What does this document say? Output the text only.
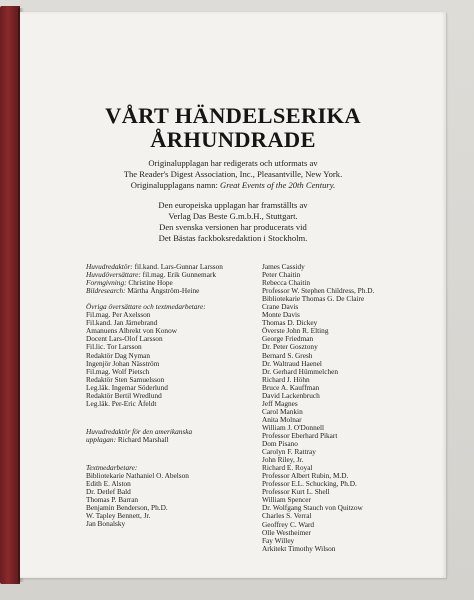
VÅRT HÄNDELSERIKA
ÅRHUNDRADE

Originalupplagan har redigerats och utformats av

The Reader's Digest Association, Inc., Pleasantville, New York.

Originalupplagans namn: Great Events of the 20th Century.

Den europeiska upplagan har framställts av

Verlag Das Beste G.m.b.H., Stuttgart.

Den svenska versionen har producerats vid

Det Bästas fackboksredaktion i Stockholm.

Huvudredaktör: fil.kand. Lars-Gunnar Larsson
Huvudöversättare: fil.mag. Erik Gunnemark
Formgivning: Christine Hope
Bildresearch: Märtha Ångström-Heine
Övriga översättare och textmedarbetare:
Fil.mag. Per Axelsson
Fil.kand. Jan Järnebrand
Amanuens Albrekt von Konow
Docent Lars-Olof Larsson
Fil.lic. Tor Larsson
Redaktör Dag Nyman
Ingenjör Johan Näsström
Fil.mag. Wolf Pietsch
Redaktör Sten Samuelsson
Leg.läk. Ingemar Söderlund
Redaktör Bertil Wredlund
Leg.läk. Per-Eric Åfeldt
Huvudredaktör för den amerikanska
upplagan: Richard Marshall
Textmedarbetare:
Bibliotekarie Nathaniel O. Abelson
Edith E. Alston
Dr. Detlef Bald
Thomas P. Barran
Benjamin Benderson, Ph.D.
W. Tapley Bennett, Jr.
Jan Bonalsky
James Cassidy
Peter Chaitin
Rebecca Chaitin
Professor W. Stephen Childress, Ph.D.
Bibliotekarie Thomas G. De Claire
Crane Davis
Monte Davis
Thomas D. Dickey
Överste John R. Elting
George Friedman
Dr. Peter Gosztony
Bernard S. Gresh
Dr. Waltraud Haenel
Dr. Gerhard Hümmelchen
Richard J. Höhn
Bruce A. Kauffman
David Lackenbruch
Jeff Magnes
Carol Mankin
Anita Molnar
William J. O'Donnell
Professor Eberhard Pikart
Dom Pisano
Carolyn F. Rattray
John Riley, Jr.
Richard E. Royal
Professor Albert Rubin, M.D.
Professor E.L. Schucking, Ph.D.
Professor Kurt L. Shell
William Spencer
Dr. Wolfgang Stauch von Quitzow
Charles S. Verral
Geoffrey C. Ward
Olle Westheimer
Fay Willey
Arkitekt Timothy Wilson
